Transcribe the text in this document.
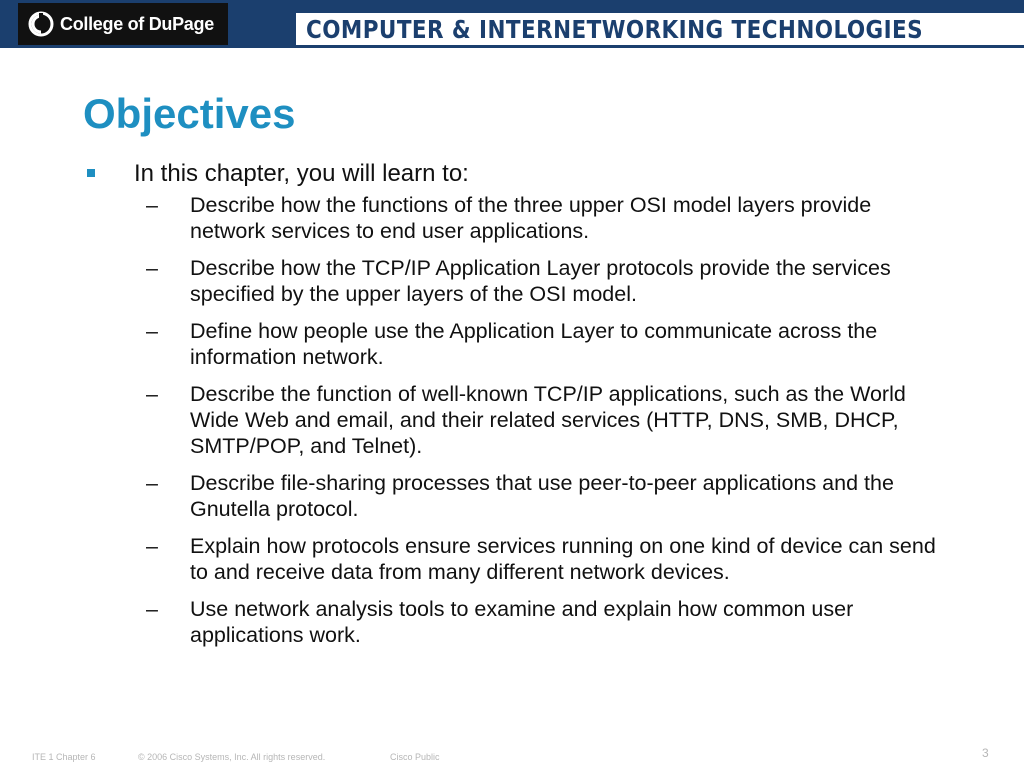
College of DuPage	COMPUTER & INTERNETWORKING TECHNOLOGIES
Objectives
In this chapter, you will learn to:
– Describe how the functions of the three upper OSI model layers provide network services to end user applications.
– Describe how the TCP/IP Application Layer protocols provide the services specified by the upper layers of the OSI model.
– Define how people use the Application Layer to communicate across the information network.
– Describe the function of well-known TCP/IP applications, such as the World Wide Web and email, and their related services (HTTP, DNS, SMB, DHCP, SMTP/POP, and Telnet).
– Describe file-sharing processes that use peer-to-peer applications and the Gnutella protocol.
– Explain how protocols ensure services running on one kind of device can send to and receive data from many different network devices.
– Use network analysis tools to examine and explain how common user applications work.
ITE 1 Chapter 6	© 2006 Cisco Systems, Inc. All rights reserved.	Cisco Public	3
